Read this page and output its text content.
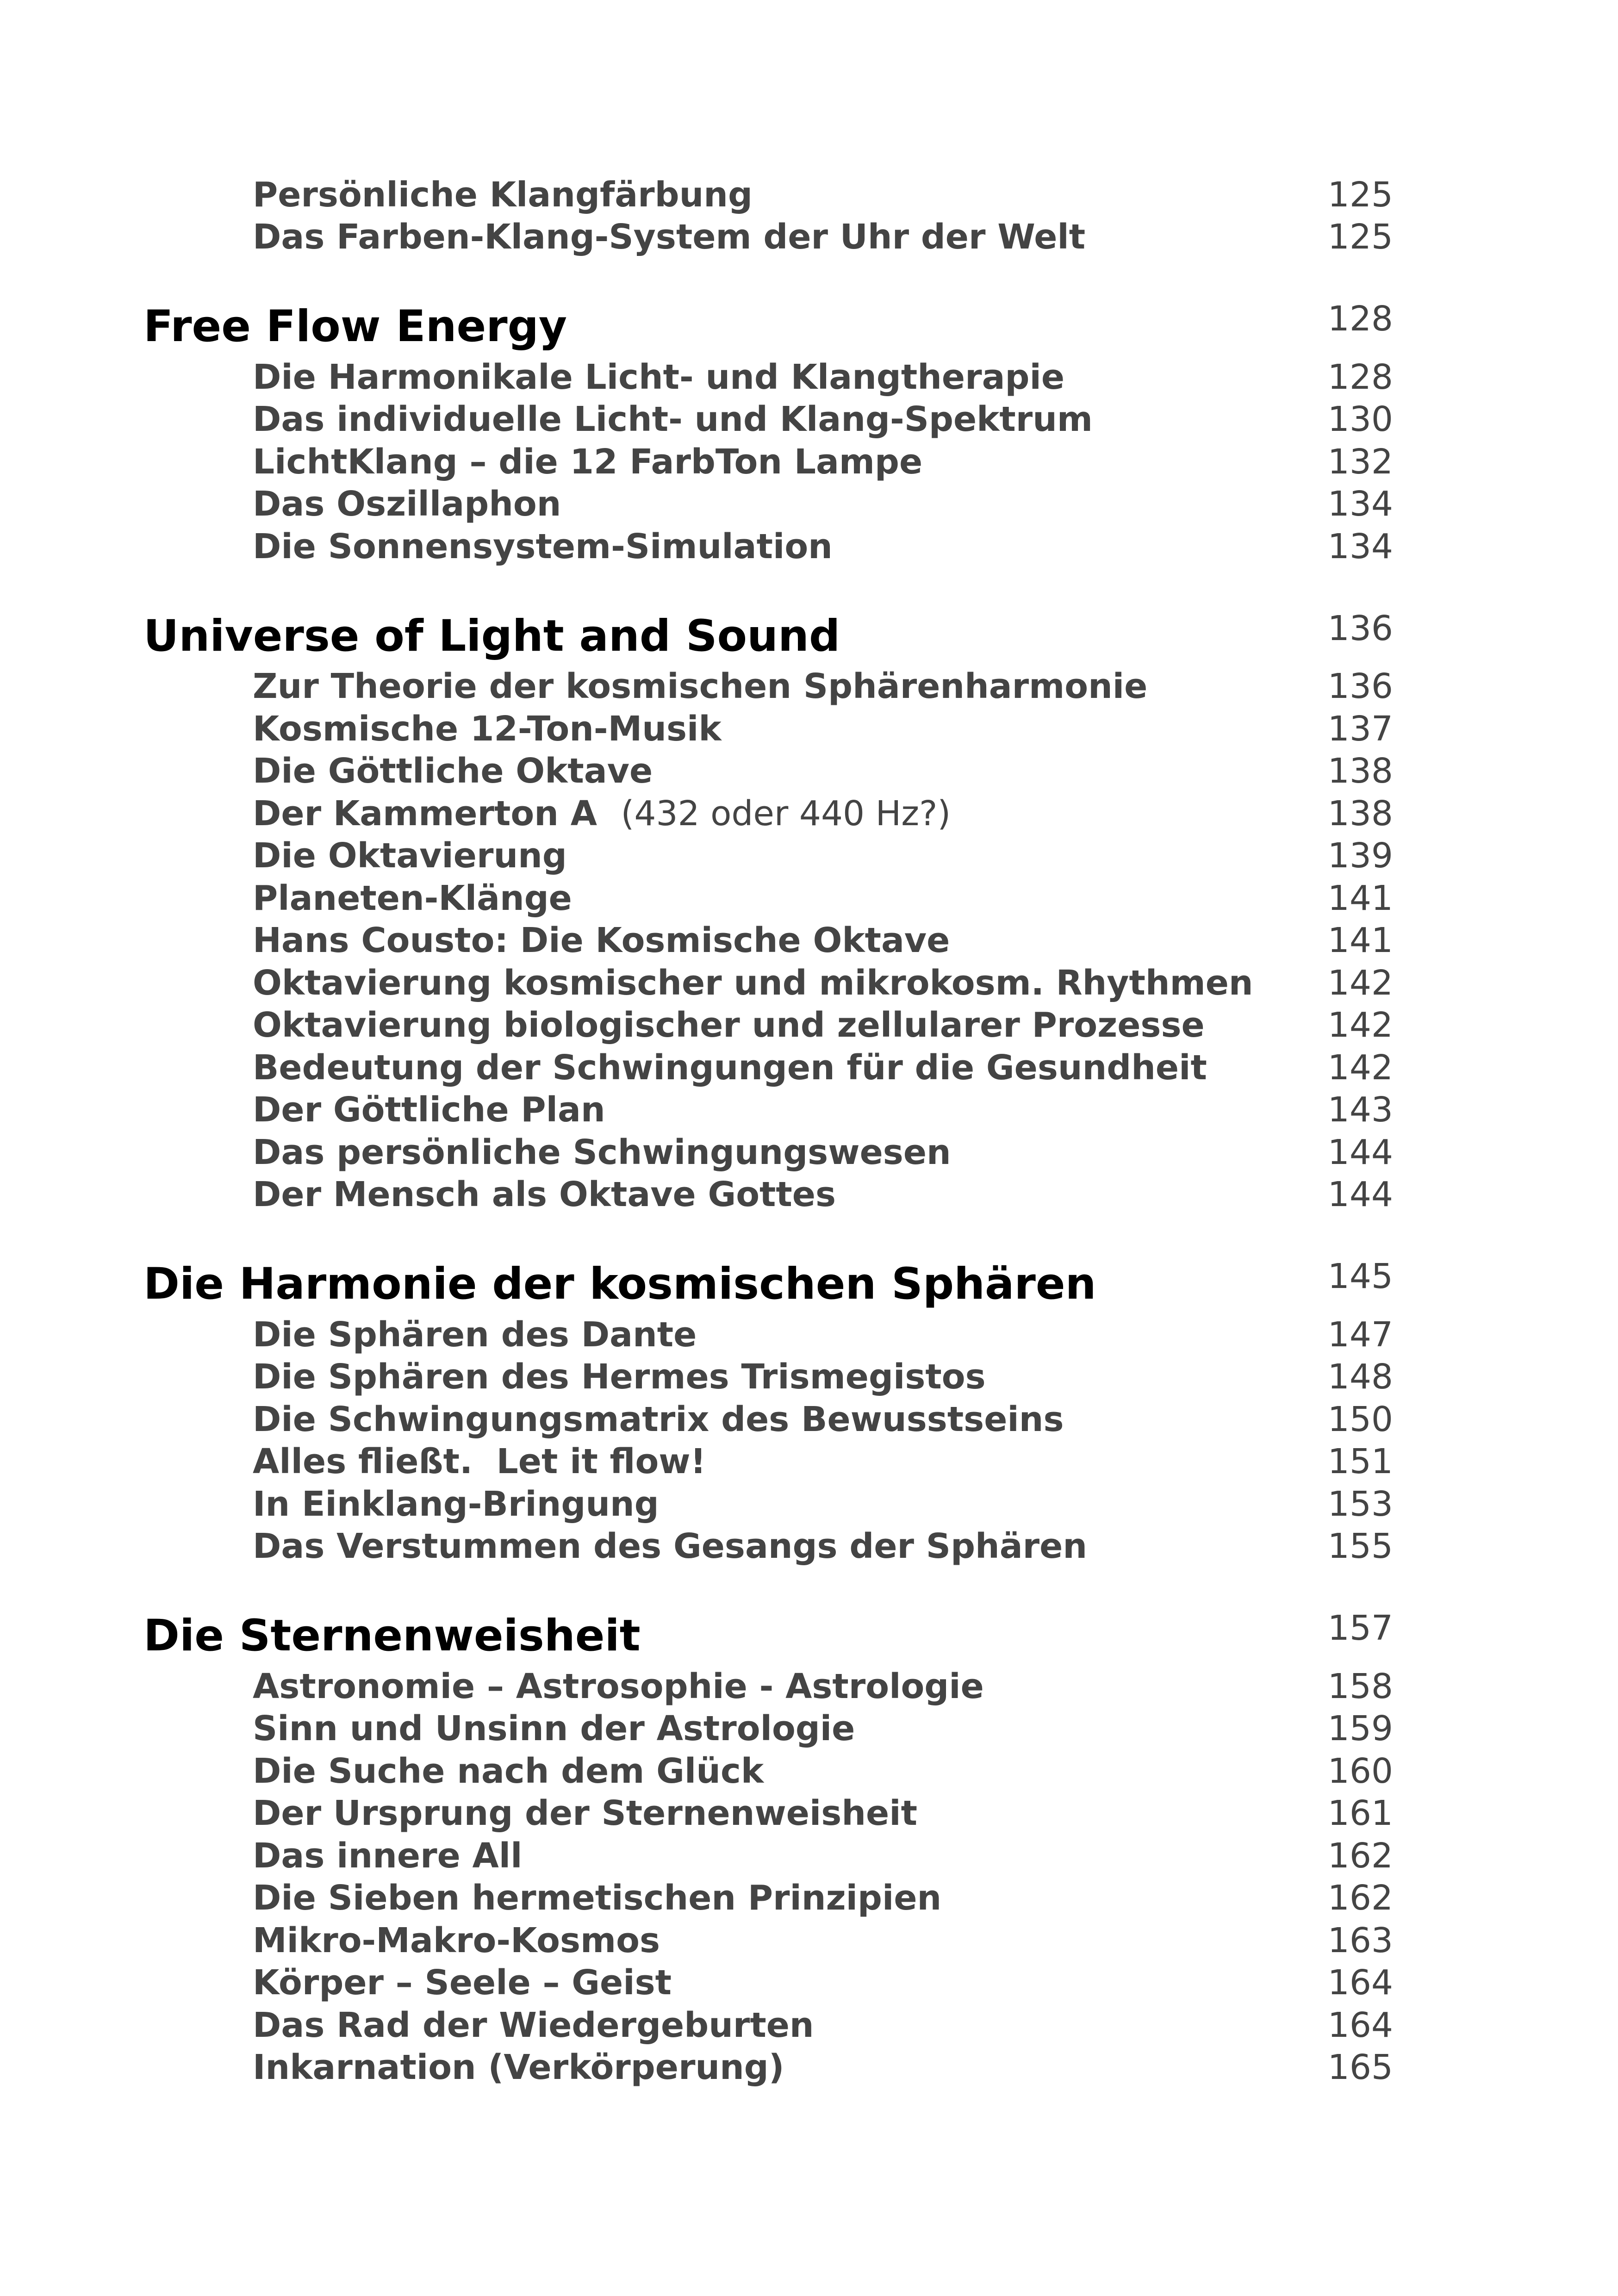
Persönliche Klangfärbung	125
Das Farben-Klang-System der Uhr der Welt	125
Free Flow Energy	128
Die Harmonikale Licht- und Klangtherapie	128
Das individuelle Licht- und Klang-Spektrum	130
LichtKlang – die 12 FarbTon Lampe	132
Das Oszillaphon	134
Die Sonnensystem-Simulation	134
Universe of Light and Sound	136
Zur Theorie der kosmischen Sphärenharmonie	136
Kosmische 12-Ton-Musik	137
Die Göttliche Oktave	138
Der Kammerton A (432 oder 440 Hz?)	138
Die Oktavierung	139
Planeten-Klänge	141
Hans Cousto: Die Kosmische Oktave	141
Oktavierung kosmischer und mikrokosm. Rhythmen 142
Oktavierung biologischer und zellularer Prozesse	142
Bedeutung der Schwingungen für die Gesundheit	142
Der Göttliche Plan	143
Das persönliche Schwingungswesen	144
Der Mensch als Oktave Gottes	144
Die Harmonie der kosmischen Sphären	145
Die Sphären des Dante	147
Die Sphären des Hermes Trismegistos	148
Die Schwingungsmatrix des Bewusstseins	150
Alles fließt.  Let it flow!	151
In Einklang-Bringung	153
Das Verstummen des Gesangs der Sphären	155
Die Sternenweisheit	157
Astronomie – Astrosophie - Astrologie	158
Sinn und Unsinn der Astrologie	159
Die Suche nach dem Glück	160
Der Ursprung der Sternenweisheit	161
Das innere All	162
Die Sieben hermetischen Prinzipien	162
Mikro-Makro-Kosmos	163
Körper – Seele – Geist	164
Das Rad der Wiedergeburten	164
Inkarnation (Verkörperung)	165
